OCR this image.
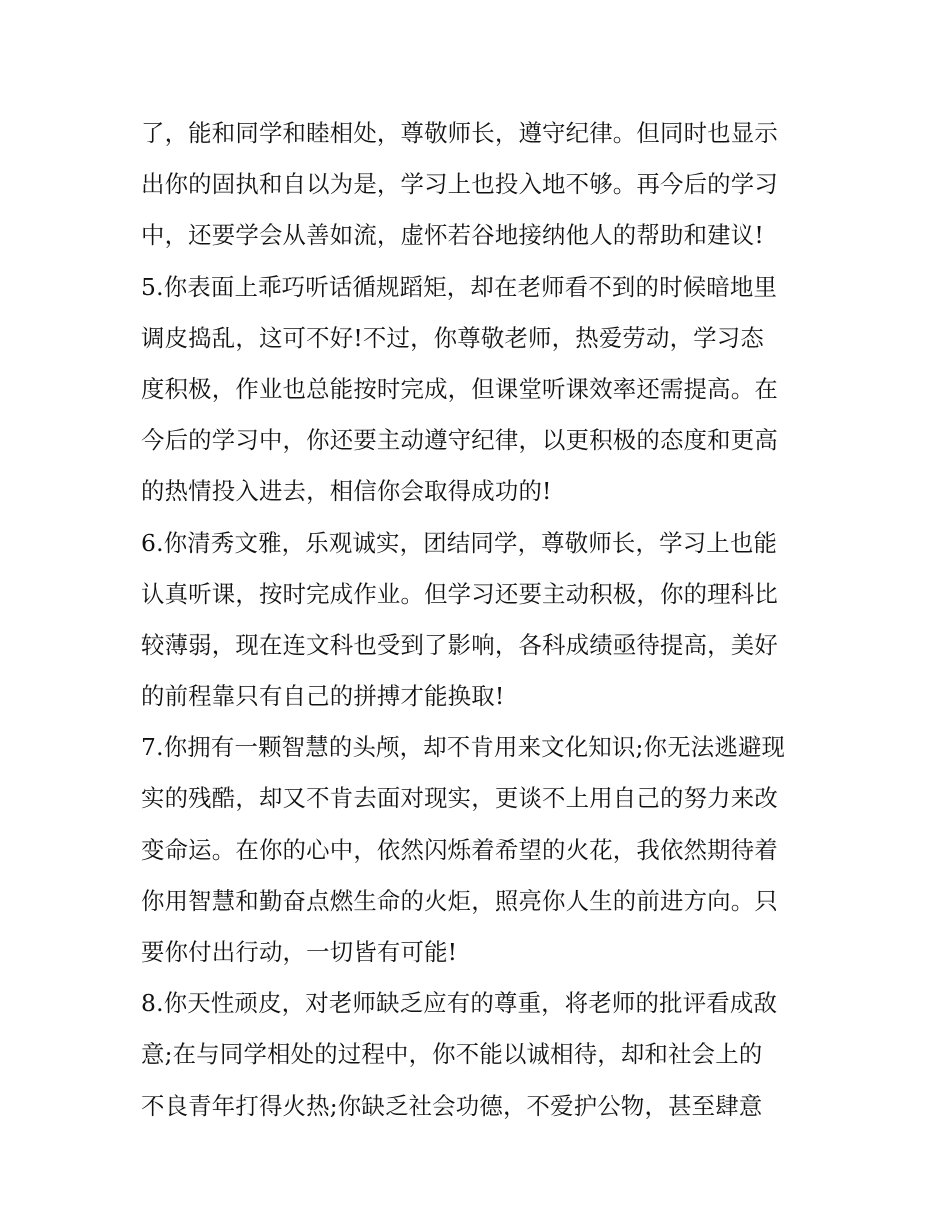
了，能和同学和睦相处，尊敬师长，遵守纪律。但同时也显示
出你的固执和自以为是，学习上也投入地不够。再今后的学习
中，还要学会从善如流，虚怀若谷地接纳他人的帮助和建议!
5.你表面上乖巧听话循规蹈矩，却在老师看不到的时候暗地里
调皮捣乱，这可不好!不过，你尊敬老师，热爱劳动，学习态
度积极，作业也总能按时完成，但课堂听课效率还需提高。在
今后的学习中，你还要主动遵守纪律，以更积极的态度和更高
的热情投入进去，相信你会取得成功的!
6.你清秀文雅，乐观诚实，团结同学，尊敬师长，学习上也能
认真听课，按时完成作业。但学习还要主动积极，你的理科比
较薄弱，现在连文科也受到了影响，各科成绩亟待提高，美好
的前程靠只有自己的拼搏才能换取!
7.你拥有一颗智慧的头颅，却不肯用来文化知识;你无法逃避现
实的残酷，却又不肯去面对现实，更谈不上用自己的努力来改
变命运。在你的心中，依然闪烁着希望的火花，我依然期待着
你用智慧和勤奋点燃生命的火炬，照亮你人生的前进方向。只
要你付出行动，一切皆有可能!
8.你天性顽皮，对老师缺乏应有的尊重，将老师的批评看成敌
意;在与同学相处的过程中，你不能以诚相待，却和社会上的
不良青年打得火热;你缺乏社会功德，不爱护公物，甚至肆意
